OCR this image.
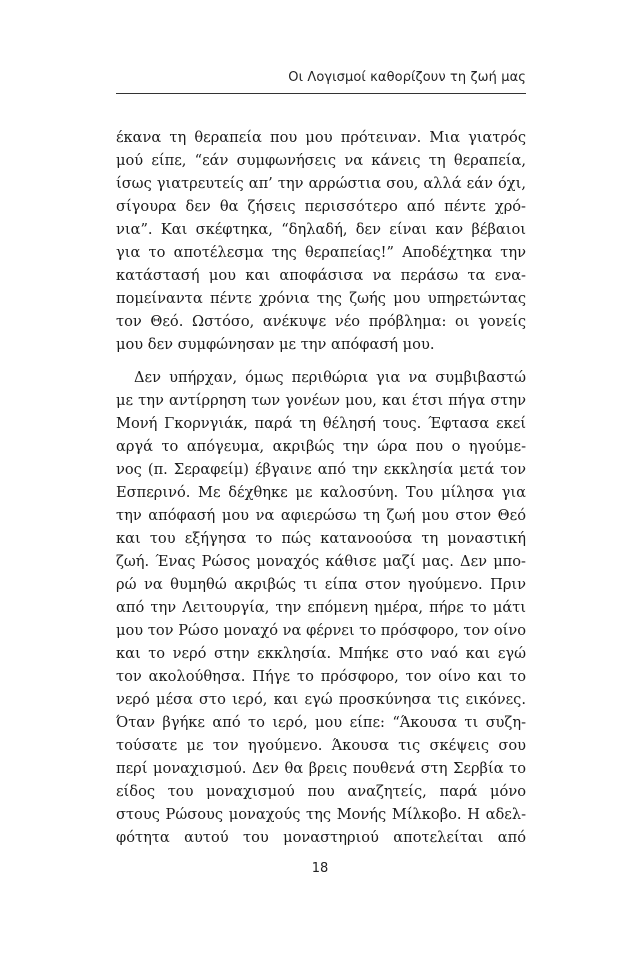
Οι Λογισμοί καθορίζουν τη ζωή μας

έκανα τη θεραπεία που μου πρότειναν. Μια γιατρός
μού είπε, “εάν συμφωνήσεις να κάνεις τη θεραπεία,
ίσως γιατρευτείς απ’ την αρρώστια σου, αλλά εάν όχι,
σίγουρα δεν θα ζήσεις περισσότερο από πέντε χρό-
νια”. Και σκέφτηκα, “δηλαδή, δεν είναι καν βέβαιοι
για το αποτέλεσμα της θεραπείας!” Αποδέχτηκα την
κατάστασή μου και αποφάσισα να περάσω τα ενα-
πομείναντα πέντε χρόνια της ζωής μου υπηρετώντας
τον Θεό. Ωστόσο, ανέκυψε νέο πρόβλημα: οι γονείς
μου δεν συμφώνησαν με την απόφασή μου.

Δεν υπήρχαν, όμως περιθώρια για να συμβιβαστώ
με την αντίρρηση των γονέων μου, και έτσι πήγα στην
Μονή Γκορνγιάκ, παρά τη θέλησή τους. Έφτασα εκεί
αργά το απόγευμα, ακριβώς την ώρα που ο ηγούμε-
νος (π. Σεραφείμ) έβγαινε από την εκκλησία μετά τον
Εσπερινό. Με δέχθηκε με καλοσύνη. Του μίλησα για
την απόφασή μου να αφιερώσω τη ζωή μου στον Θεό
και του εξήγησα το πώς κατανοούσα τη μοναστική
ζωή. Ένας Ρώσος μοναχός κάθισε μαζί μας. Δεν μπο-
ρώ να θυμηθώ ακριβώς τι είπα στον ηγούμενο. Πριν
από την Λειτουργία, την επόμενη ημέρα, πήρε το μάτι
μου τον Ρώσο μοναχό να φέρνει το πρόσφορο, τον οίνο
και το νερό στην εκκλησία. Μπήκε στο ναό και εγώ
τον ακολούθησα. Πήγε το πρόσφορο, τον οίνο και το
νερό μέσα στο ιερό, και εγώ προσκύνησα τις εικόνες.
Όταν βγήκε από το ιερό, μου είπε: “Άκουσα τι συζη-
τούσατε με τον ηγούμενο. Άκουσα τις σκέψεις σου
περί μοναχισμού. Δεν θα βρεις πουθενά στη Σερβία το
είδος του μοναχισμού που αναζητείς, παρά μόνο
στους Ρώσους μοναχούς της Μονής Μίλκοβο. Η αδελ-
φότητα αυτού του μοναστηριού αποτελείται από

18
